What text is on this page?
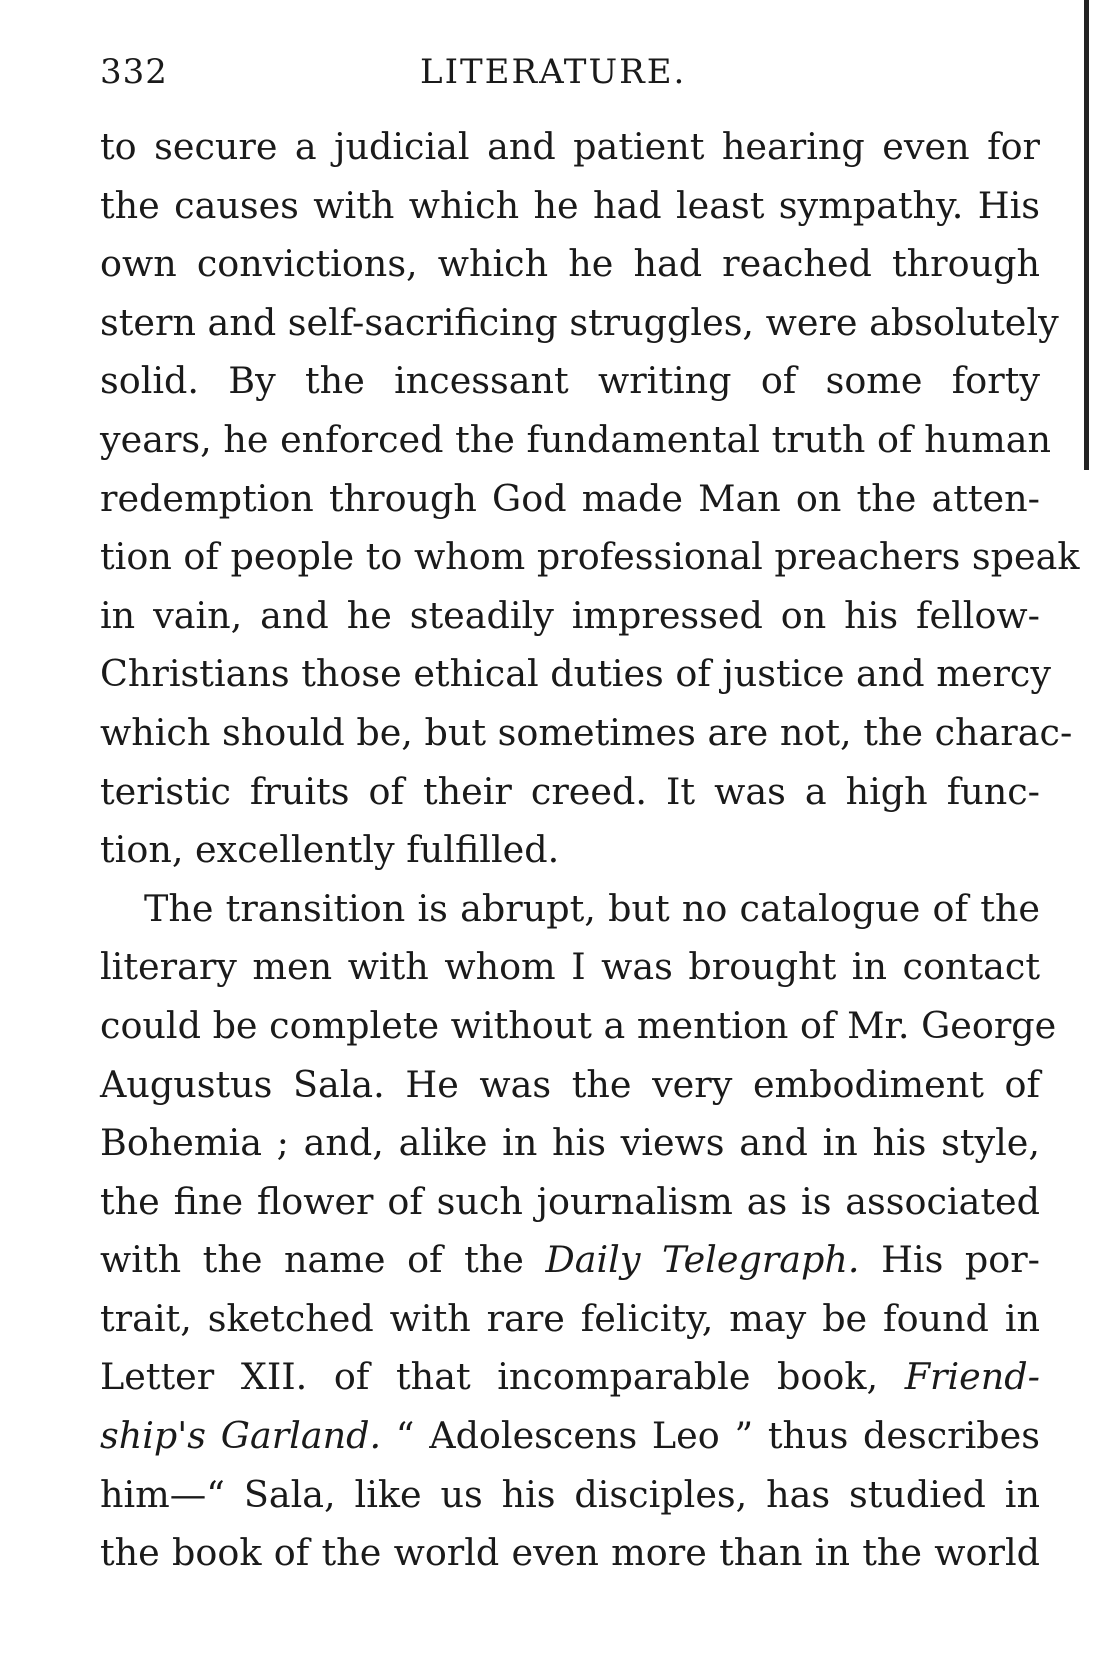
332	LITERATURE.

to secure a judicial and patient hearing even for
the causes with which he had least sympathy. His
own convictions, which he had reached through
stern and self-sacrificing struggles, were absolutely
solid. By the incessant writing of some forty
years, he enforced the fundamental truth of human
redemption through God made Man on the atten-
tion of people to whom professional preachers speak
in vain, and he steadily impressed on his fellow-
Christians those ethical duties of justice and mercy
which should be, but sometimes are not, the charac-
teristic fruits of their creed. It was a high func-
tion, excellently fulfilled.

The transition is abrupt, but no catalogue of the
literary men with whom I was brought in contact
could be complete without a mention of Mr. George
Augustus Sala. He was the very embodiment of
Bohemia ; and, alike in his views and in his style,
the fine flower of such journalism as is associated
with the name of the Daily Telegraph. His por-
trait, sketched with rare felicity, may be found in
Letter XII. of that incomparable book, Friend-
ship's Garland. “ Adolescens Leo ” thus describes
him—“ Sala, like us his disciples, has studied in
the book of the world even more than in the world
